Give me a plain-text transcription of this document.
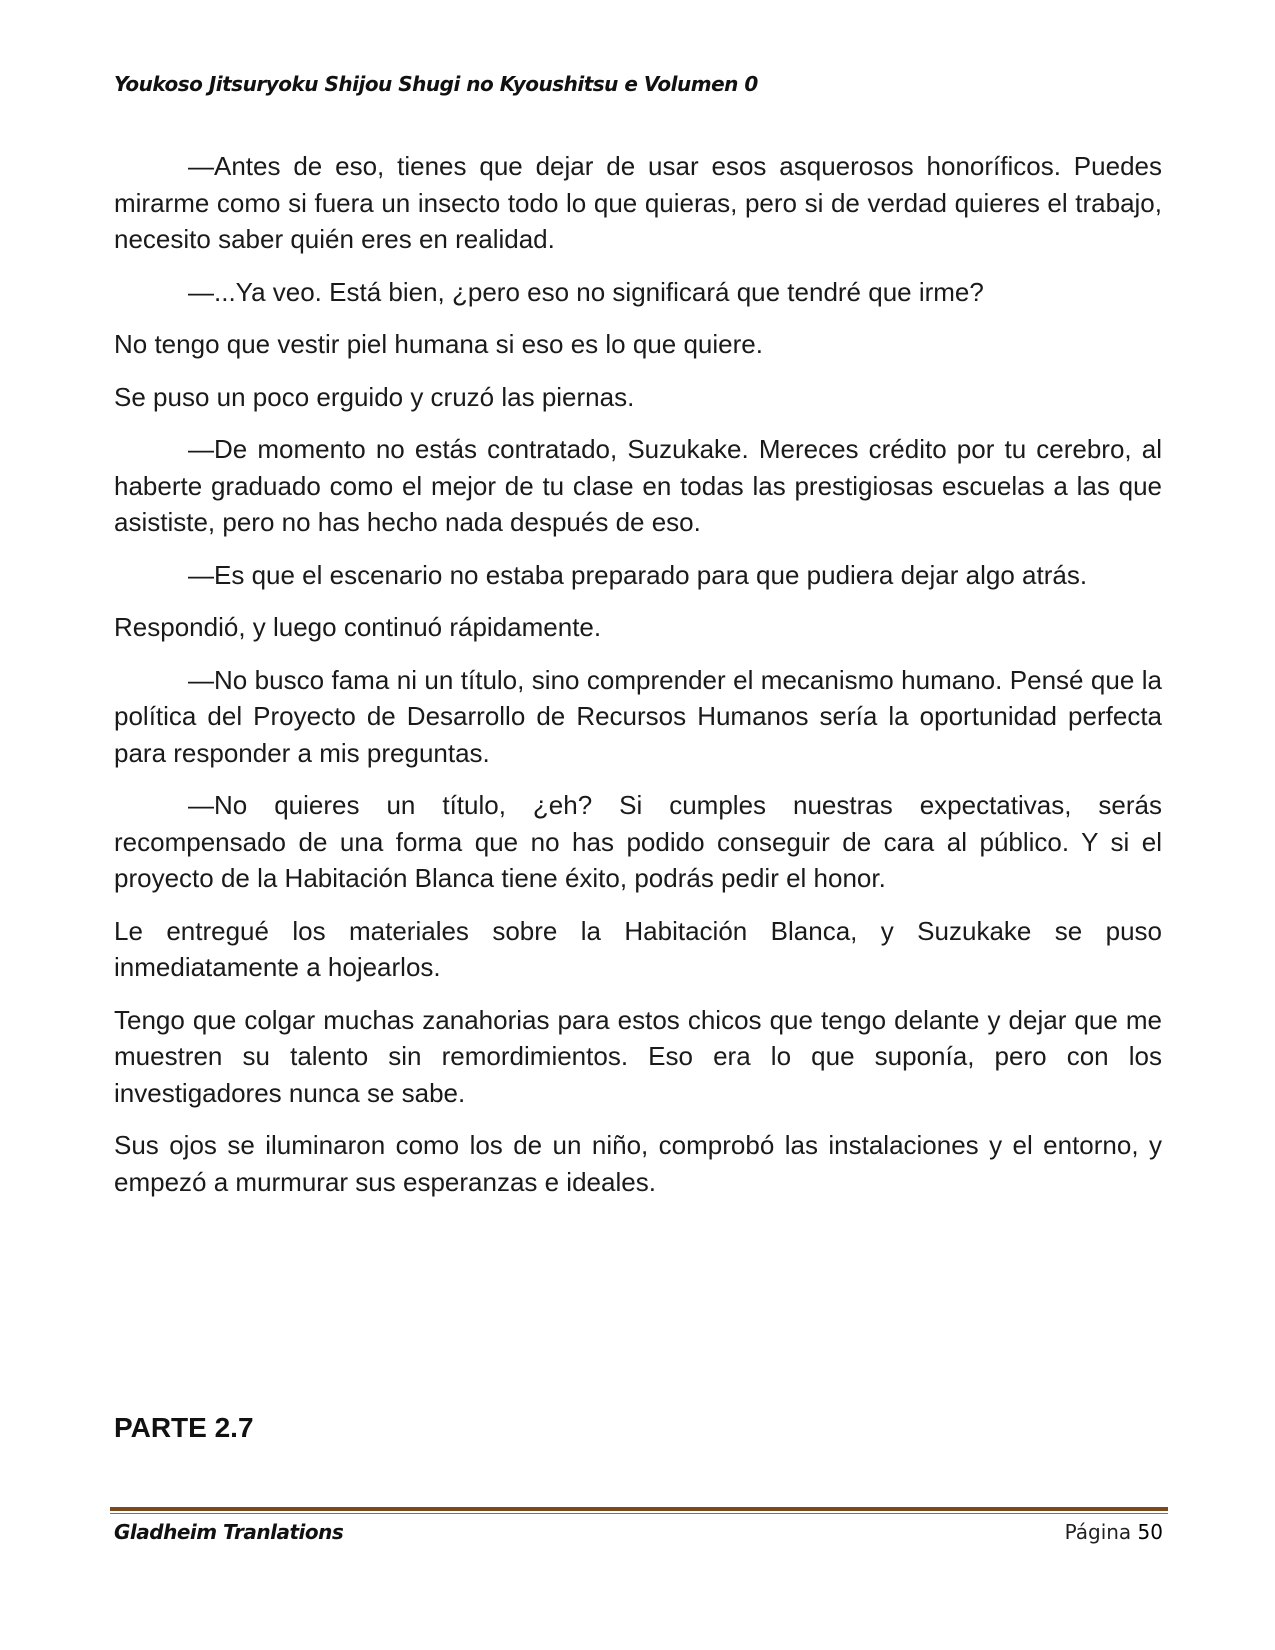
Youkoso Jitsuryoku Shijou Shugi no Kyoushitsu e Volumen 0

—Antes de eso, tienes que dejar de usar esos asquerosos honoríficos. Puedes mirarme como si fuera un insecto todo lo que quieras, pero si de verdad quieres el trabajo, necesito saber quién eres en realidad.

—...Ya veo. Está bien, ¿pero eso no significará que tendré que irme?

No tengo que vestir piel humana si eso es lo que quiere.

Se puso un poco erguido y cruzó las piernas.

—De momento no estás contratado, Suzukake. Mereces crédito por tu cerebro, al haberte graduado como el mejor de tu clase en todas las prestigiosas escuelas a las que asististe, pero no has hecho nada después de eso.

—Es que el escenario no estaba preparado para que pudiera dejar algo atrás.

Respondió, y luego continuó rápidamente.

—No busco fama ni un título, sino comprender el mecanismo humano. Pensé que la política del Proyecto de Desarrollo de Recursos Humanos sería la oportunidad perfecta para responder a mis preguntas.

—No quieres un título, ¿eh? Si cumples nuestras expectativas, serás recompensado de una forma que no has podido conseguir de cara al público. Y si el proyecto de la Habitación Blanca tiene éxito, podrás pedir el honor.

Le entregué los materiales sobre la Habitación Blanca, y Suzukake se puso inmediatamente a hojearlos.

Tengo que colgar muchas zanahorias para estos chicos que tengo delante y dejar que me muestren su talento sin remordimientos. Eso era lo que suponía, pero con los investigadores nunca se sabe.

Sus ojos se iluminaron como los de un niño, comprobó las instalaciones y el entorno, y empezó a murmurar sus esperanzas e ideales.

PARTE 2.7
Gladheim Tranlations	Página 50
